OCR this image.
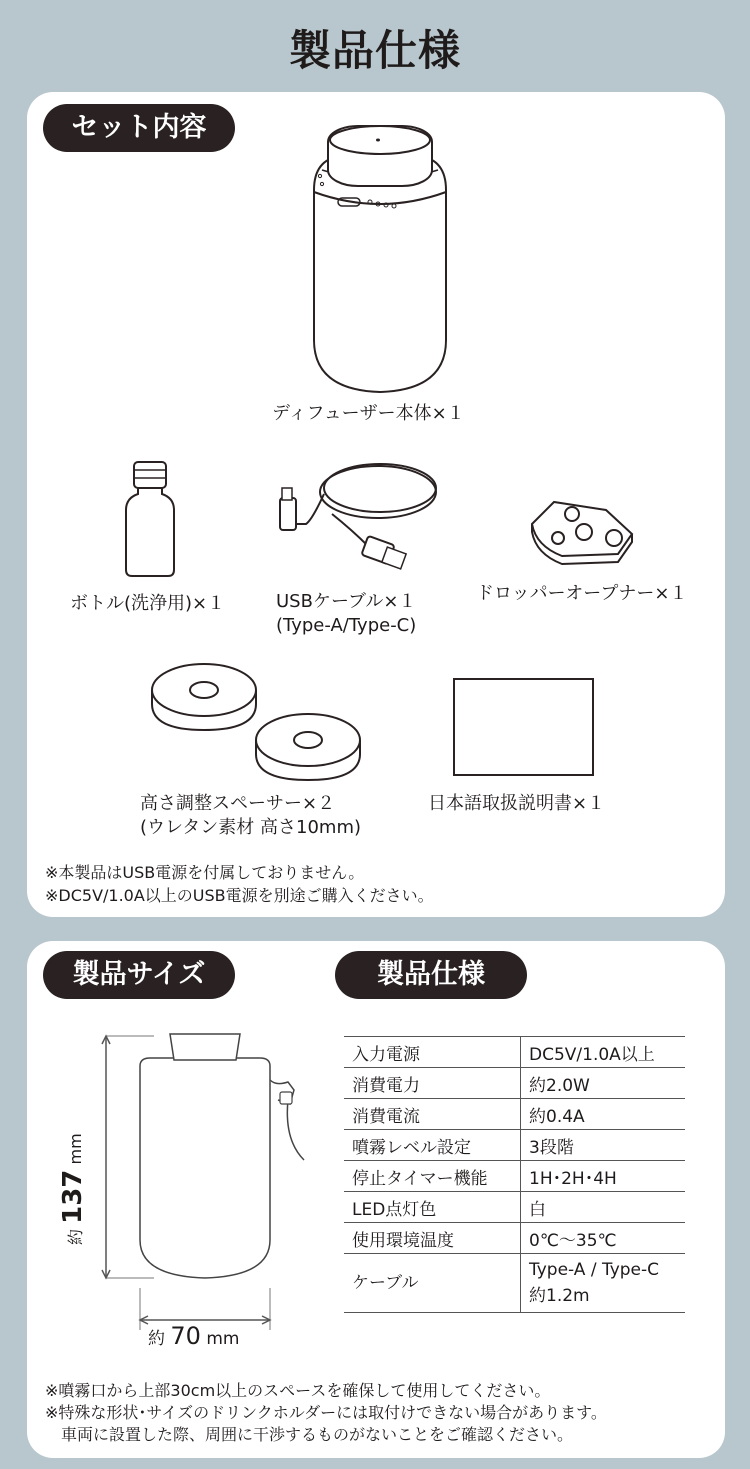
製品仕様
セット内容
ディフューザー本体×１
ボトル(洗浄用)×１	USBケーブル×１
(Type-A/Type-C)
ドロッパーオープナー×１
高さ調整スペーサー×２
(ウレタン素材 高さ10mm)
日本語取扱説明書×１
※本製品はUSB電源を付属しておりません。
※DC5V/1.0A以上のUSB電源を別途ご購入ください。
製品サイズ	製品仕様
約 137 mm
約 70 mm
入力電源	DC5V/1.0A以上
消費電力	約2.0W
消費電流	約0.4A
噴霧レベル設定	3段階
停止タイマー機能	1H･2H･4H
LED点灯色	白
使用環境温度	0℃～35℃
ケーブル	Type-A / Type-C
約1.2m
※噴霧口から上部30cm以上のスペースを確保して使用してください。
※特殊な形状･サイズのドリンクホルダーには取付けできない場合があります。
車両に設置した際、周囲に干渉するものがないことをご確認ください。
